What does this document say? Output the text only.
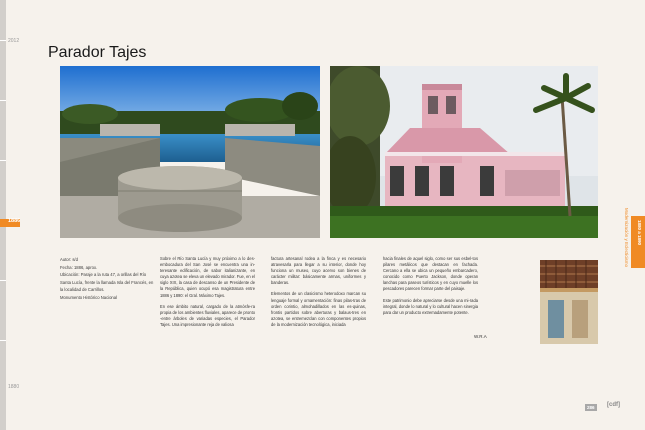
2012
1886
1880
Parador Tajes
Autor: s/d
Fecha: 1886, aprox.
Ubicación: Paraje a la ruta 47, a orillas del Río
Santa Lucía, frente la llamada Isla del Francés, en
la localidad de Carrillos.
Monumento Histórico Nacional

Sobre el Río Santa Lucía y muy próximo a lo des-embocadura del San José se encuentra una in-teresante edificación, de sabor italianizante, en cuya azotea se eleva un elevado mirador. Fue, en el siglo XIX, la casa de descanso de un Presidente de la República, quien ocupó esa magistratura entre 1886 y 1890: el Gral. Máximo Tajes.

En ese ámbito natural, cargado de la atmósfe-ra propia de los ambientes fluviales, aparece de pronto -entre árboles de variadas especies, el Parador Tajes. Una impresionante reja de valiosa

factura artesanal rodea a la finca y es necesario atravesarla para llegar a su interior, donde hoy funciona un museo, cuyo acervo son bienes de carácter militar: básicamente armas, uniformes y banderas.

Elementos de un clasicismo heterodoxo marcan su lenguaje formal y ornamentación: finas pilas-tras de orden corintio, almohadillados en las es-quinas, frontis partidos sobre aberturas y balaus-tres en azotea, se entremezclan con componentes propios de la modernización tecnológica, iniciada

hacia finales de aquel siglo, como ser sus esbel-tos pilares metálicos que destacan en fachada. Cercano a ella se ubica un pequeño embarcadero, conocido como Puerto Jackson, donde operan lanchas para paseos turísticos y en cuyo muelle los pescadores parecen formar parte del paisaje.

Este patrimonio debe apreciarse desde una mi-rada integral, donde lo natural y lo cultural hacen sinergia para dar un producto extremadamente potente.

W.R.A
1880 a 1890
Modernización y Eclecticismo
286	[cdf]
